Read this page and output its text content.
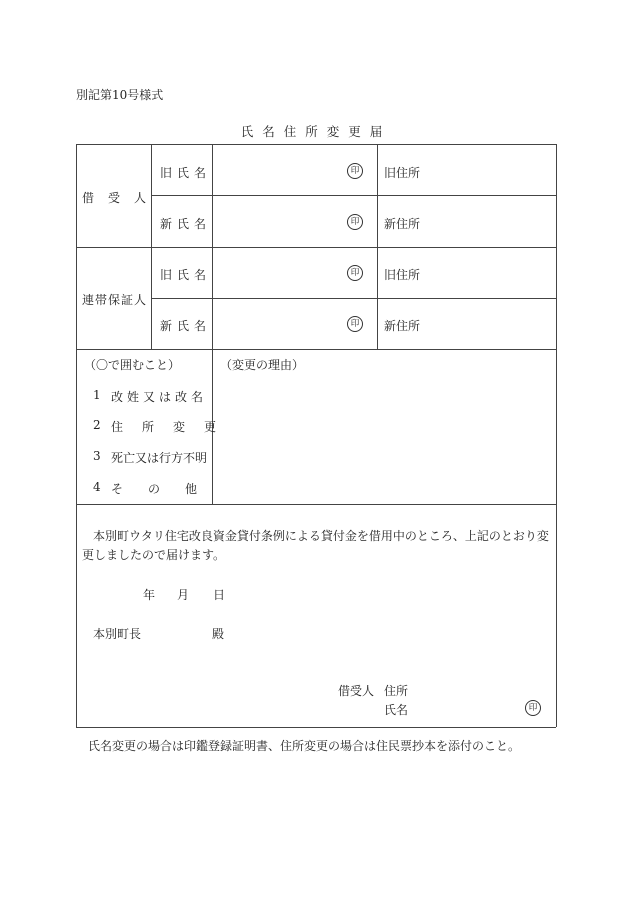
別記第10号様式
氏名住所変更届
借受人
旧氏名	印	旧住所
新氏名	印	新住所
連帯保証人
旧氏名	印	旧住所
新氏名	印	新住所
（〇で囲むこと）	（変更の理由）
1 改姓又は改名
2 住所変更
3 死亡又は行方不明
4 その他
本別町ウタリ住宅改良資金貸付条例による貸付金を借用中のところ、上記のとおり変
更しましたので届けます。
年 月 日
本別町長	殿
借受人 住所
氏名	印
氏名変更の場合は印鑑登録証明書、住所変更の場合は住民票抄本を添付のこと。
